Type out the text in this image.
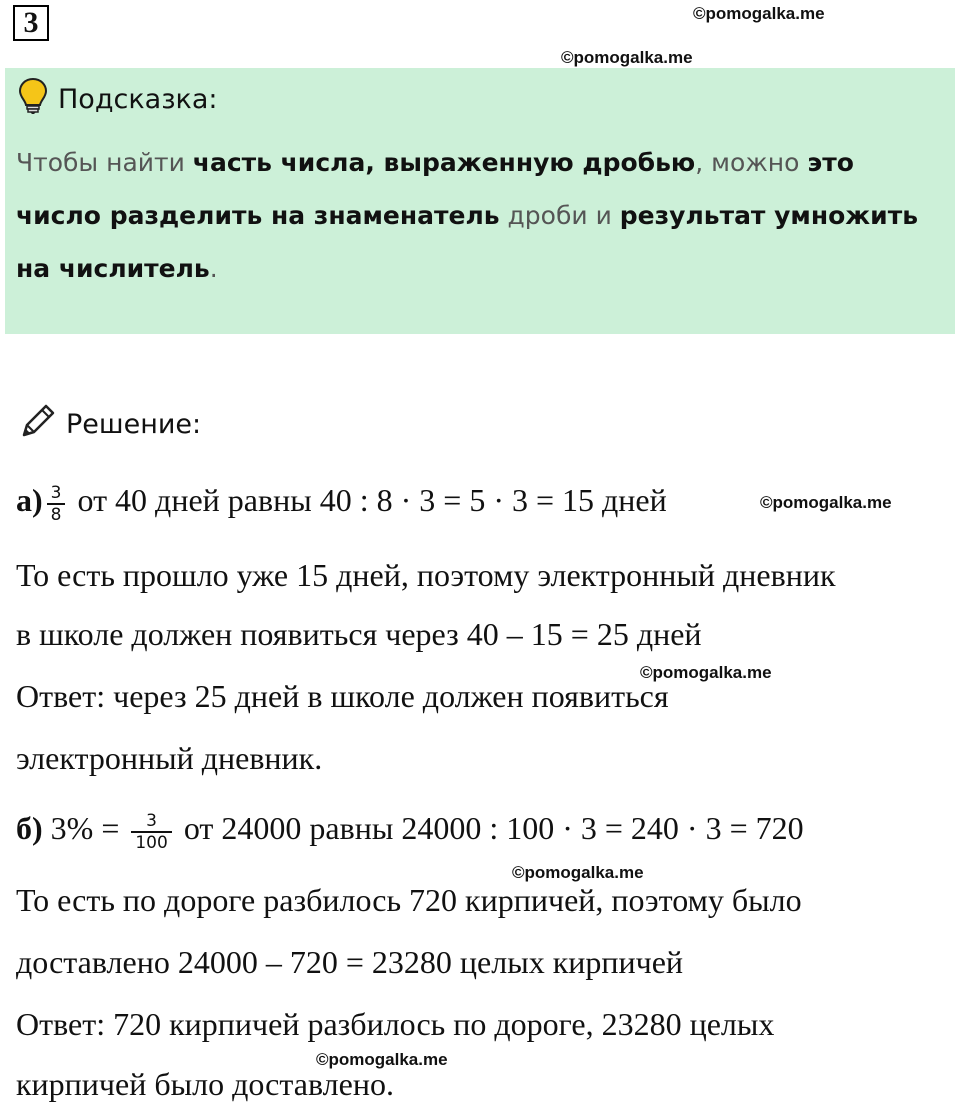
3	©pomogalka.me
©pomogalka.me
Подсказка:
Чтобы найти часть числа, выраженную дробью, можно это число разделить на знаменатель дроби и результат умножить на числитель.
Решение:
$а) \frac{3}{8}$ от 40 дней равны 40 : 8 · 3 = 5 · 3 = 15 дней	©pomogalka.me
То есть прошло уже 15 дней, поэтому электронный дневник
в школе должен появиться через 40 – 15 = 25 дней
©pomogalka.me
Ответ: через 25 дней в школе должен появиться
электронный дневник.
б) $3\% = \frac{3}{100}$ от 24000 равны 24000 : 100 · 3 = 240 · 3 = 720
©pomogalka.me
То есть по дороге разбилось 720 кирпичей, поэтому было
доставлено 24000 – 720 = 23280 целых кирпичей
Ответ: 720 кирпичей разбилось по дороге, 23280 целых
©pomogalka.me
кирпичей было доставлено.
